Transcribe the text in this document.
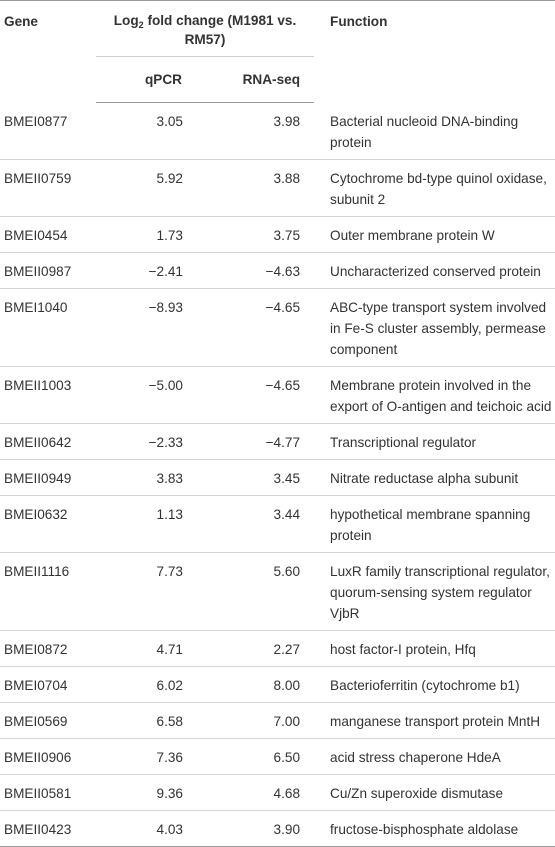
Gene	Log$_2$ fold change (M1981 vs. RM57)		Function
	qPCR	RNA-seq	
BMEI0877	3.05	3.98	Bacterial nucleoid DNA-binding protein
BMEII0759	5.92	3.88	Cytochrome bd-type quinol oxidase, subunit 2
BMEI0454	1.73	3.75	Outer membrane protein W
BMEII0987	−2.41	−4.63	Uncharacterized conserved protein
BMEI1040	−8.93	−4.65	ABC-type transport system involved in Fe-S cluster assembly, permease component
BMEII1003	−5.00	−4.65	Membrane protein involved in the export of O-antigen and teichoic acid
BMEII0642	−2.33	−4.77	Transcriptional regulator
BMEII0949	3.83	3.45	Nitrate reductase alpha subunit
BMEI0632	1.13	3.44	hypothetical membrane spanning protein
BMEII1116	7.73	5.60	LuxR family transcriptional regulator, quorum-sensing system regulator VjbR
BMEI0872	4.71	2.27	host factor-I protein, Hfq
BMEI0704	6.02	8.00	Bacterioferritin (cytochrome b1)
BMEI0569	6.58	7.00	manganese transport protein MntH
BMEII0906	7.36	6.50	acid stress chaperone HdeA
BMEII0581	9.36	4.68	Cu/Zn superoxide dismutase
BMEII0423	4.03	3.90	fructose-bisphosphate aldolase
